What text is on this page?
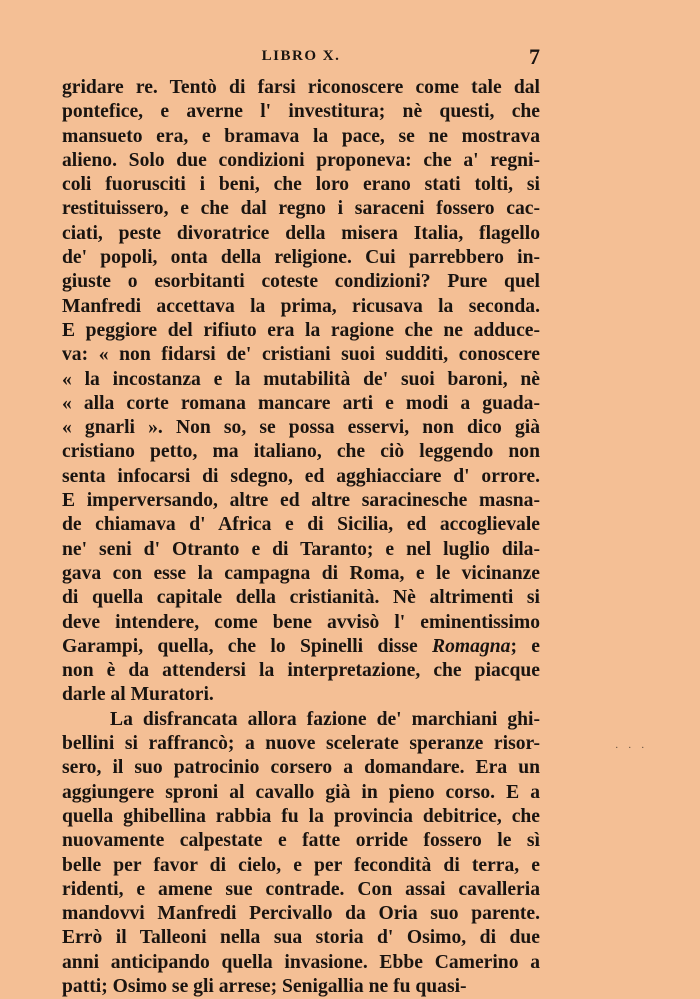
LIBRO X.	7
gridare re. Tentò di farsi riconoscere come tale dal
pontefice, e averne l' investitura; nè questi, che
mansueto era, e bramava la pace, se ne mostrava
alieno. Solo due condizioni proponeva: che a' regni-
coli fuorusciti i beni, che loro erano stati tolti, si
restituissero, e che dal regno i saraceni fossero cac-
ciati, peste divoratrice della misera Italia, flagello
de' popoli, onta della religione. Cui parrebbero in-
giuste o esorbitanti coteste condizioni? Pure quel
Manfredi accettava la prima, ricusava la seconda.
E peggiore del rifiuto era la ragione che ne adduce-
va: « non fidarsi de' cristiani suoi sudditi, conoscere
« la incostanza e la mutabilità de' suoi baroni, nè
« alla corte romana mancare arti e modi a guada-
« gnarli ». Non so, se possa esservi, non dico già
cristiano petto, ma italiano, che ciò leggendo non
senta infocarsi di sdegno, ed agghiacciare d' orrore.
E imperversando, altre ed altre saracinesche masna-
de chiamava d' Africa e di Sicilia, ed accoglievale
ne' seni d' Otranto e di Taranto; e nel luglio dila-
gava con esse la campagna di Roma, e le vicinanze
di quella capitale della cristianità. Nè altrimenti si
deve intendere, come bene avvisò l' eminentissimo
Garampi, quella, che lo Spinelli disse Romagna; e
non è da attendersi la interpretazione, che piacque
darle al Muratori.
La disfrancata allora fazione de' marchiani ghi-
bellini si raffrancò; a nuove scelerate speranze risor-
sero, il suo patrocinio corsero a domandare. Era un
aggiungere sproni al cavallo già in pieno corso. E a
quella ghibellina rabbia fu la provincia debitrice, che
nuovamente calpestate e fatte orride fossero le sì
belle per favor di cielo, e per fecondità di terra, e
ridenti, e amene sue contrade. Con assai cavalleria
mandovvi Manfredi Percivallo da Oria suo parente.
Errò il Talleoni nella sua storia d' Osimo, di due
anni anticipando quella invasione. Ebbe Camerino a
patti; Osimo se gli arrese; Senigallia ne fu quasi-
. . .
